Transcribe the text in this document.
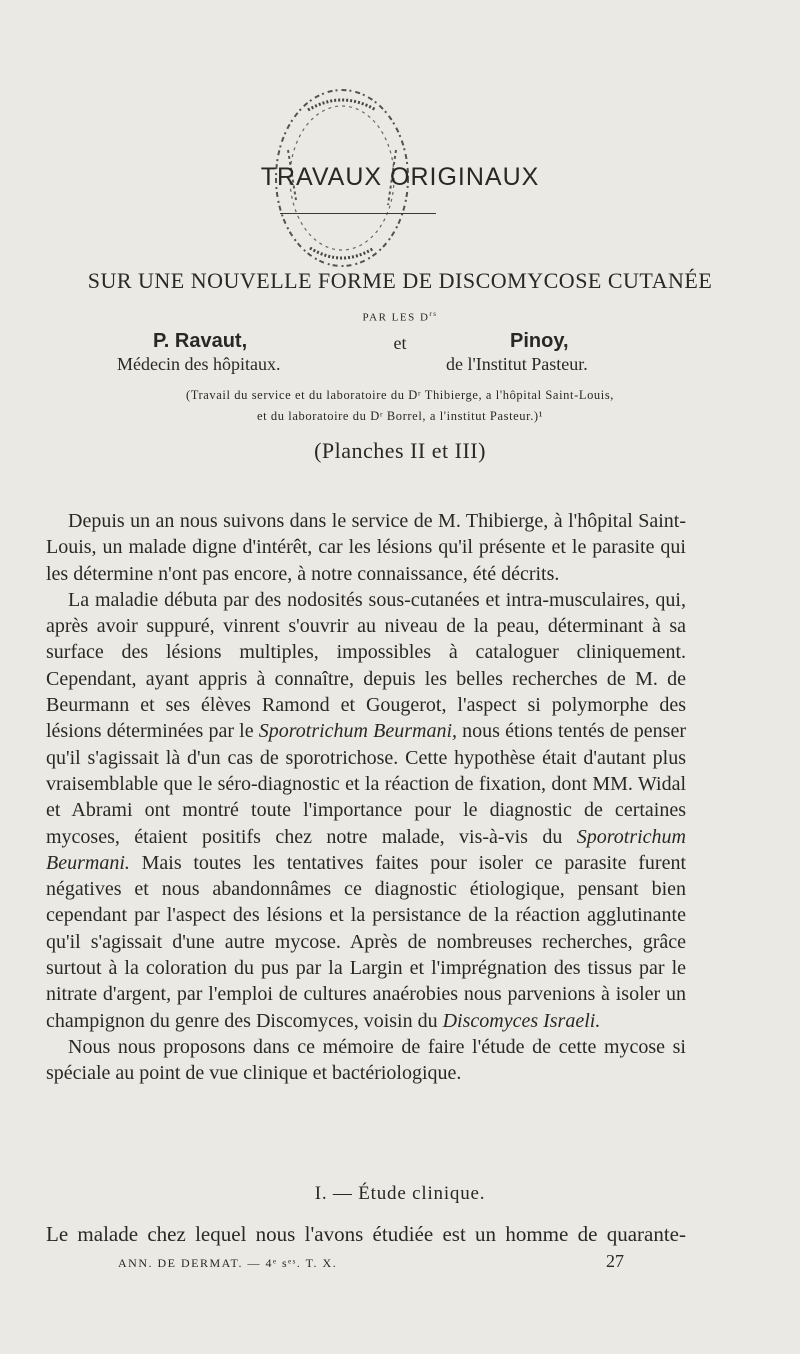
TRAVAUX ORIGINAUX
SUR UNE NOUVELLE FORME DE DISCOMYCOSE CUTANÉE
PAR LES $D^{rs}$
P. Ravaut,	et	Pinoy,
Médecin des hôpitaux.	de l'Institut Pasteur.
(Travail du service et du laboratoire du Dʳ Thibierge, a l'hôpital Saint-Louis,
et du laboratoire du Dʳ Borrel, a l'institut Pasteur.)¹
(Planches II et III)

Depuis un an nous suivons dans le service de M. Thibierge, à l'hôpital Saint-Louis, un malade digne d'intérêt, car les lésions qu'il présente et le parasite qui les détermine n'ont pas encore, à notre connaissance, été décrits.

La maladie débuta par des nodosités sous-cutanées et intra-musculaires, qui, après avoir suppuré, vinrent s'ouvrir au niveau de la peau, déterminant à sa surface des lésions multiples, impossibles à cataloguer cliniquement. Cependant, ayant appris à connaître, depuis les belles recherches de M. de Beurmann et ses élèves Ramond et Gougerot, l'aspect si polymorphe des lésions déterminées par le Sporotrichum Beurmani, nous étions tentés de penser qu'il s'agissait là d'un cas de sporotrichose. Cette hypothèse était d'autant plus vraisemblable que le séro-diagnostic et la réaction de fixation, dont MM. Widal et Abrami ont montré toute l'importance pour le diagnostic de certaines mycoses, étaient positifs chez notre malade, vis-à-vis du Sporotrichum Beurmani. Mais toutes les tentatives faites pour isoler ce parasite furent négatives et nous abandonnâmes ce diagnostic étiologique, pensant bien cependant par l'aspect des lésions et la persistance de la réaction agglutinante qu'il s'agissait d'une autre mycose. Après de nombreuses recherches, grâce surtout à la coloration du pus par la Largin et l'imprégnation des tissus par le nitrate d'argent, par l'emploi de cultures anaérobies nous parvenions à isoler un champignon du genre des Discomyces, voisin du Discomyces Israeli.

Nous nous proposons dans ce mémoire de faire l'étude de cette mycose si spéciale au point de vue clinique et bactériologique.

I. — Étude clinique.
Le malade chez lequel nous l'avons étudiée est un homme de quarante-
ANN. DE DERMAT. — 4ᵉ sᵉˢ. T. X.	27
